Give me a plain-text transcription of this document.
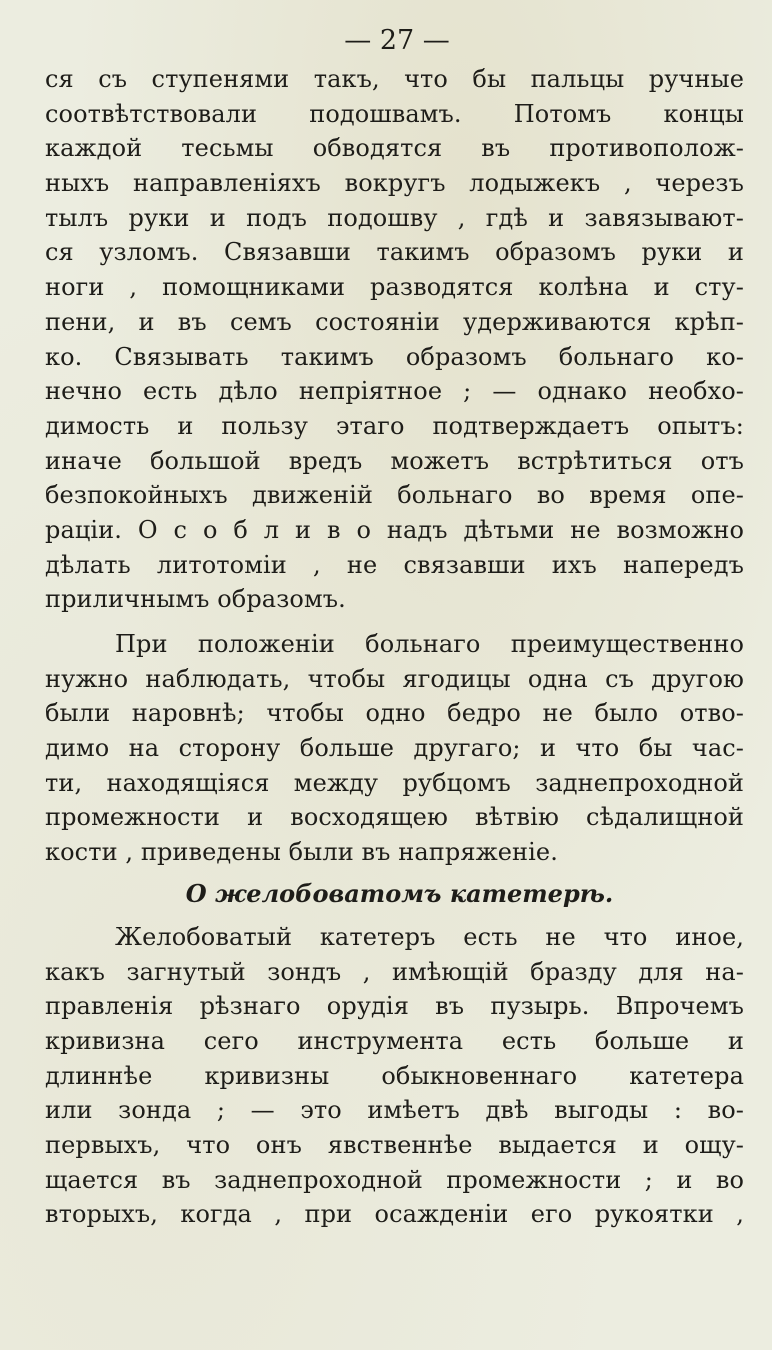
— 27 —
ся съ ступенями такъ, что бы пальцы ручные
соотвѣтствовали подошвамъ. Потомъ концы
каждой тесьмы обводятся въ противополож-
ныхъ направленіяхъ вокругъ лодыжекъ , черезъ
тылъ руки и подъ подошву , гдѣ и завязывают-
ся узломъ. Связавши такимъ образомъ руки и
ноги , помощниками разводятся колѣна и сту-
пени, и въ семъ состояніи удерживаются крѣп-
ко. Связывать такимъ образомъ больнаго ко-
нечно есть дѣло непріятное ; — однако необхо-
димость и пользу этаго подтверждаетъ опытъ:
иначе большой вредъ можетъ встрѣтиться отъ
безпокойныхъ движеній больнаго во время опе-
раціи. О с о б л и в о надъ дѣтьми не возможно
дѣлать литотоміи , не связавши ихъ напередъ
приличнымъ образомъ.
При положеніи больнаго преимущественно
нужно наблюдать, чтобы ягодицы одна съ другою
были наровнѣ; чтобы одно бедро не было отво-
димо на сторону больше другаго; и что бы час-
ти, находящіяся между рубцомъ заднепроходной
промежности и восходящею вѣтвію сѣдалищной
кости , приведены были въ напряженіе.
О желобоватомъ катетерѣ.
Желобоватый катетеръ есть не что иное,
какъ загнутый зондъ , имѣющій бразду для на-
правленія рѣзнаго орудія въ пузырь. Впрочемъ
кривизна сего инструмента есть больше и
длиннѣе кривизны обыкновеннаго катетера
или зонда ; — это имѣетъ двѣ выгоды : во-
первыхъ, что онъ явственнѣе выдается и ощу-
щается въ заднепроходной промежности ; и во
вторыхъ, когда , при осажденіи его рукоятки ,
